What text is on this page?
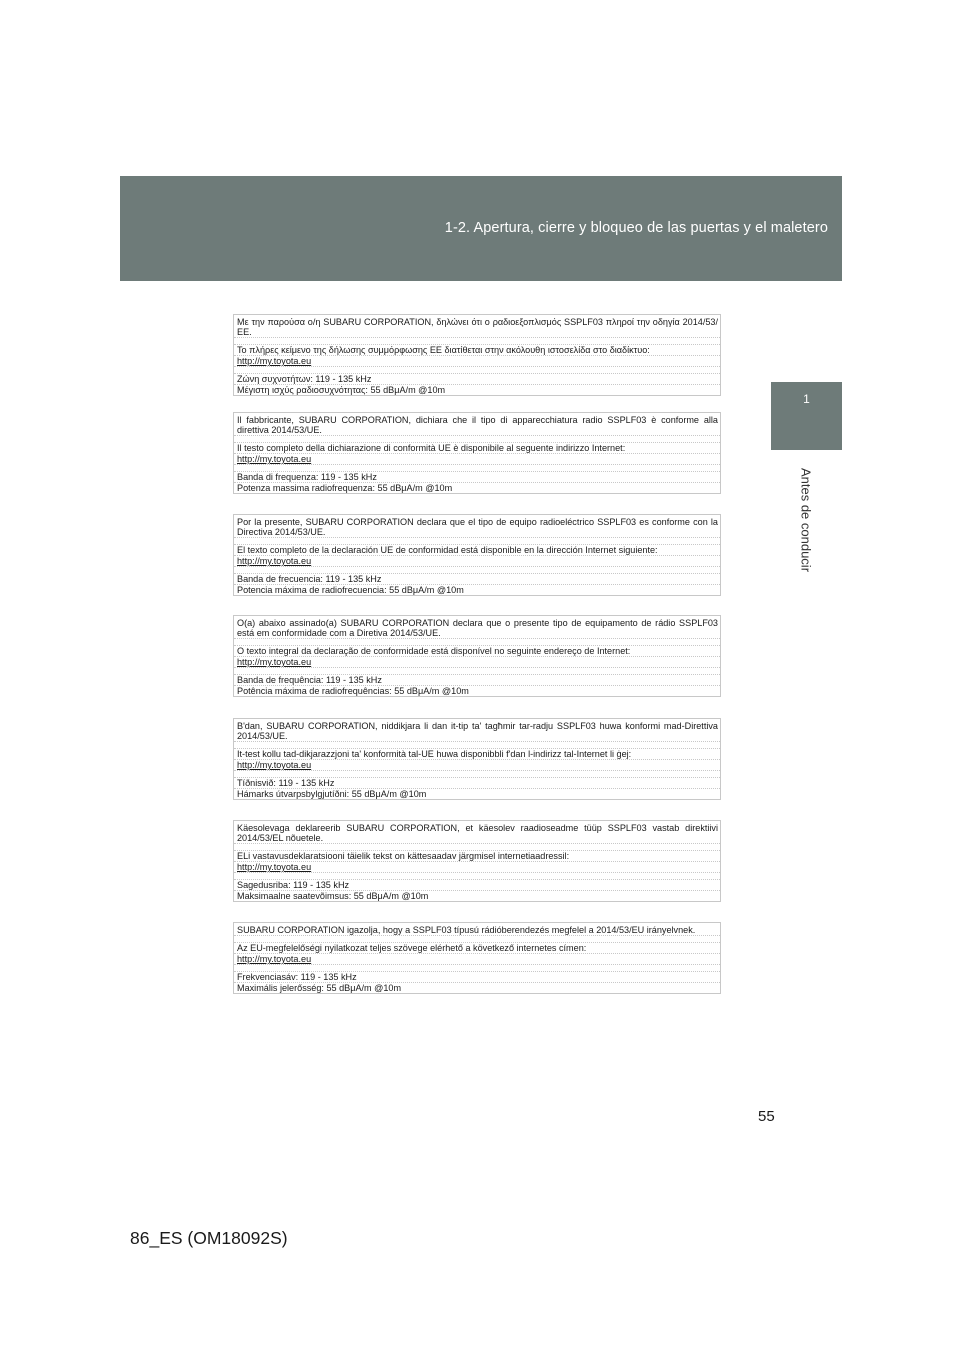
1-2. Apertura, cierre y bloqueo de las puertas y el maletero
1
Antes de conducir
Με την παρούσα ο/η SUBARU CORPORATION, δηλώνει ότι ο ραδιοεξοπλισμός SSPLF03 πληροί την οδηγία 2014/53/ΕΕ.
Το πλήρες κείμενο της δήλωσης συμμόρφωσης ΕΕ διατίθεται στην ακόλουθη ιστοσελίδα στο διαδίκτυο:
http://my.toyota.eu
Ζώνη συχνοτήτων: 119 - 135 kHz
Μέγιστη ισχύς ραδιοσυχνότητας: 55 dBμA/m @10m
Il fabbricante, SUBARU CORPORATION, dichiara che il tipo di apparecchiatura radio SSPLF03 è conforme alla direttiva 2014/53/UE.
Il testo completo della dichiarazione di conformità UE è disponibile al seguente indirizzo Internet:
http://my.toyota.eu
Banda di frequenza: 119 - 135 kHz
Potenza massima radiofrequenza: 55 dBμA/m @10m
Por la presente, SUBARU CORPORATION declara que el tipo de equipo radioeléctrico SSPLF03 es conforme con la Directiva 2014/53/UE.
El texto completo de la declaración UE de conformidad está disponible en la dirección Internet siguiente:
http://my.toyota.eu
Banda de frecuencia: 119 - 135 kHz
Potencia máxima de radiofrecuencia: 55 dBμA/m @10m
O(a) abaixo assinado(a) SUBARU CORPORATION declara que o presente tipo de equipamento de rádio SSPLF03 está em conformidade com a Diretiva 2014/53/UE.
O texto integral da declaração de conformidade está disponível no seguinte endereço de Internet:
http://my.toyota.eu
Banda de frequência: 119 - 135 kHz
Potência máxima de radiofrequências: 55 dBμA/m @10m
B'dan, SUBARU CORPORATION, niddikjara li dan it-tip ta' tagħmir tar-radju SSPLF03 huwa konformi mad-Direttiva 2014/53/UE.
It-test kollu tad-dikjarazzjoni ta' konformità tal-UE huwa disponibbli f'dan l-indirizz tal-Internet li ġej:
http://my.toyota.eu
Tíðnisvið: 119 - 135 kHz
Hámarks útvarpsbylgjutíðni: 55 dBμA/m @10m
Käesolevaga deklareerib SUBARU CORPORATION, et käesolev raadioseadme tüüp SSPLF03 vastab direktiivi 2014/53/EL nõuetele.
ELi vastavusdeklaratsiooni täielik tekst on kättesaadav järgmisel internetiaadressil:
http://my.toyota.eu
Sagedusriba: 119 - 135 kHz
Maksimaalne saatevõimsus: 55 dBμA/m @10m
SUBARU CORPORATION igazolja, hogy a SSPLF03 típusú rádióberendezés megfelel a 2014/53/EU irányelvnek.
Az EU-megfelelőségi nyilatkozat teljes szövege elérhető a következő internetes címen:
http://my.toyota.eu
Frekvenciasáv: 119 - 135 kHz
Maximális jelerősség: 55 dBμA/m @10m
55
86_ES (OM18092S)
